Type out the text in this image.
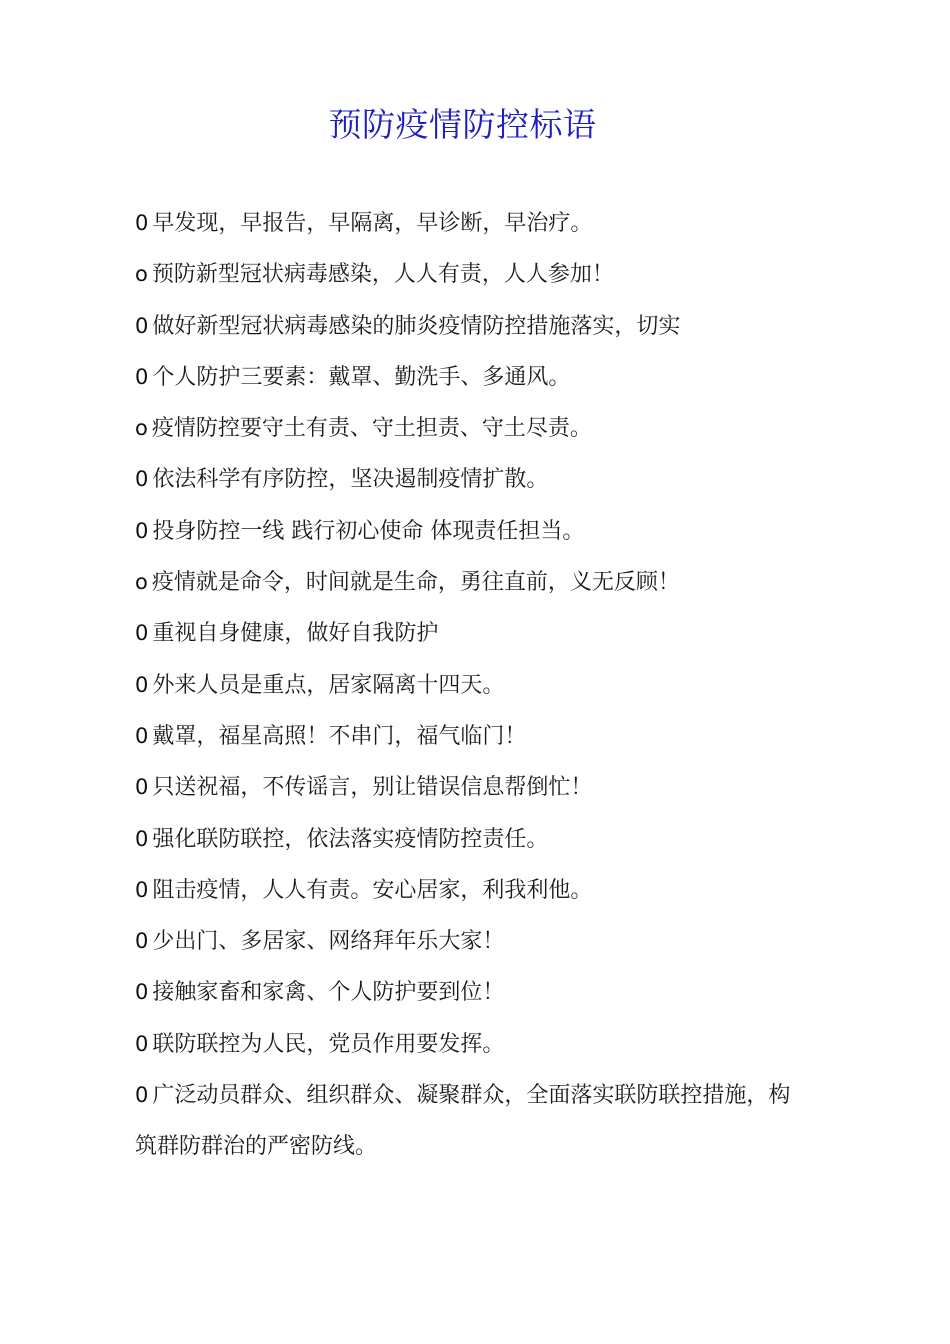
预防疫情防控标语
0 早发现，早报告，早隔离，早诊断，早治疗。
o 预防新型冠状病毒感染，人人有责，人人参加！
0 做好新型冠状病毒感染的肺炎疫情防控措施落实，切实
0 个人防护三要素：戴罩、勤洗手、多通风。
o 疫情防控要守土有责、守土担责、守土尽责。
0 依法科学有序防控，坚决遏制疫情扩散。
0 投身防控一线 践行初心使命 体现责任担当。
o 疫情就是命令，时间就是生命，勇往直前，义无反顾！
0 重视自身健康，做好自我防护
0 外来人员是重点，居家隔离十四天。
0 戴罩，福星高照！不串门，福气临门！
0 只送祝福，不传谣言，别让错误信息帮倒忙！
0 强化联防联控，依法落实疫情防控责任。
0 阻击疫情，人人有责。安心居家，利我利他。
0 少出门、多居家、网络拜年乐大家！
0 接触家畜和家禽、个人防护要到位！
0 联防联控为人民，党员作用要发挥。
0 广泛动员群众、组织群众、凝聚群众，全面落实联防联控措施，构筑群防群治的严密防线。
